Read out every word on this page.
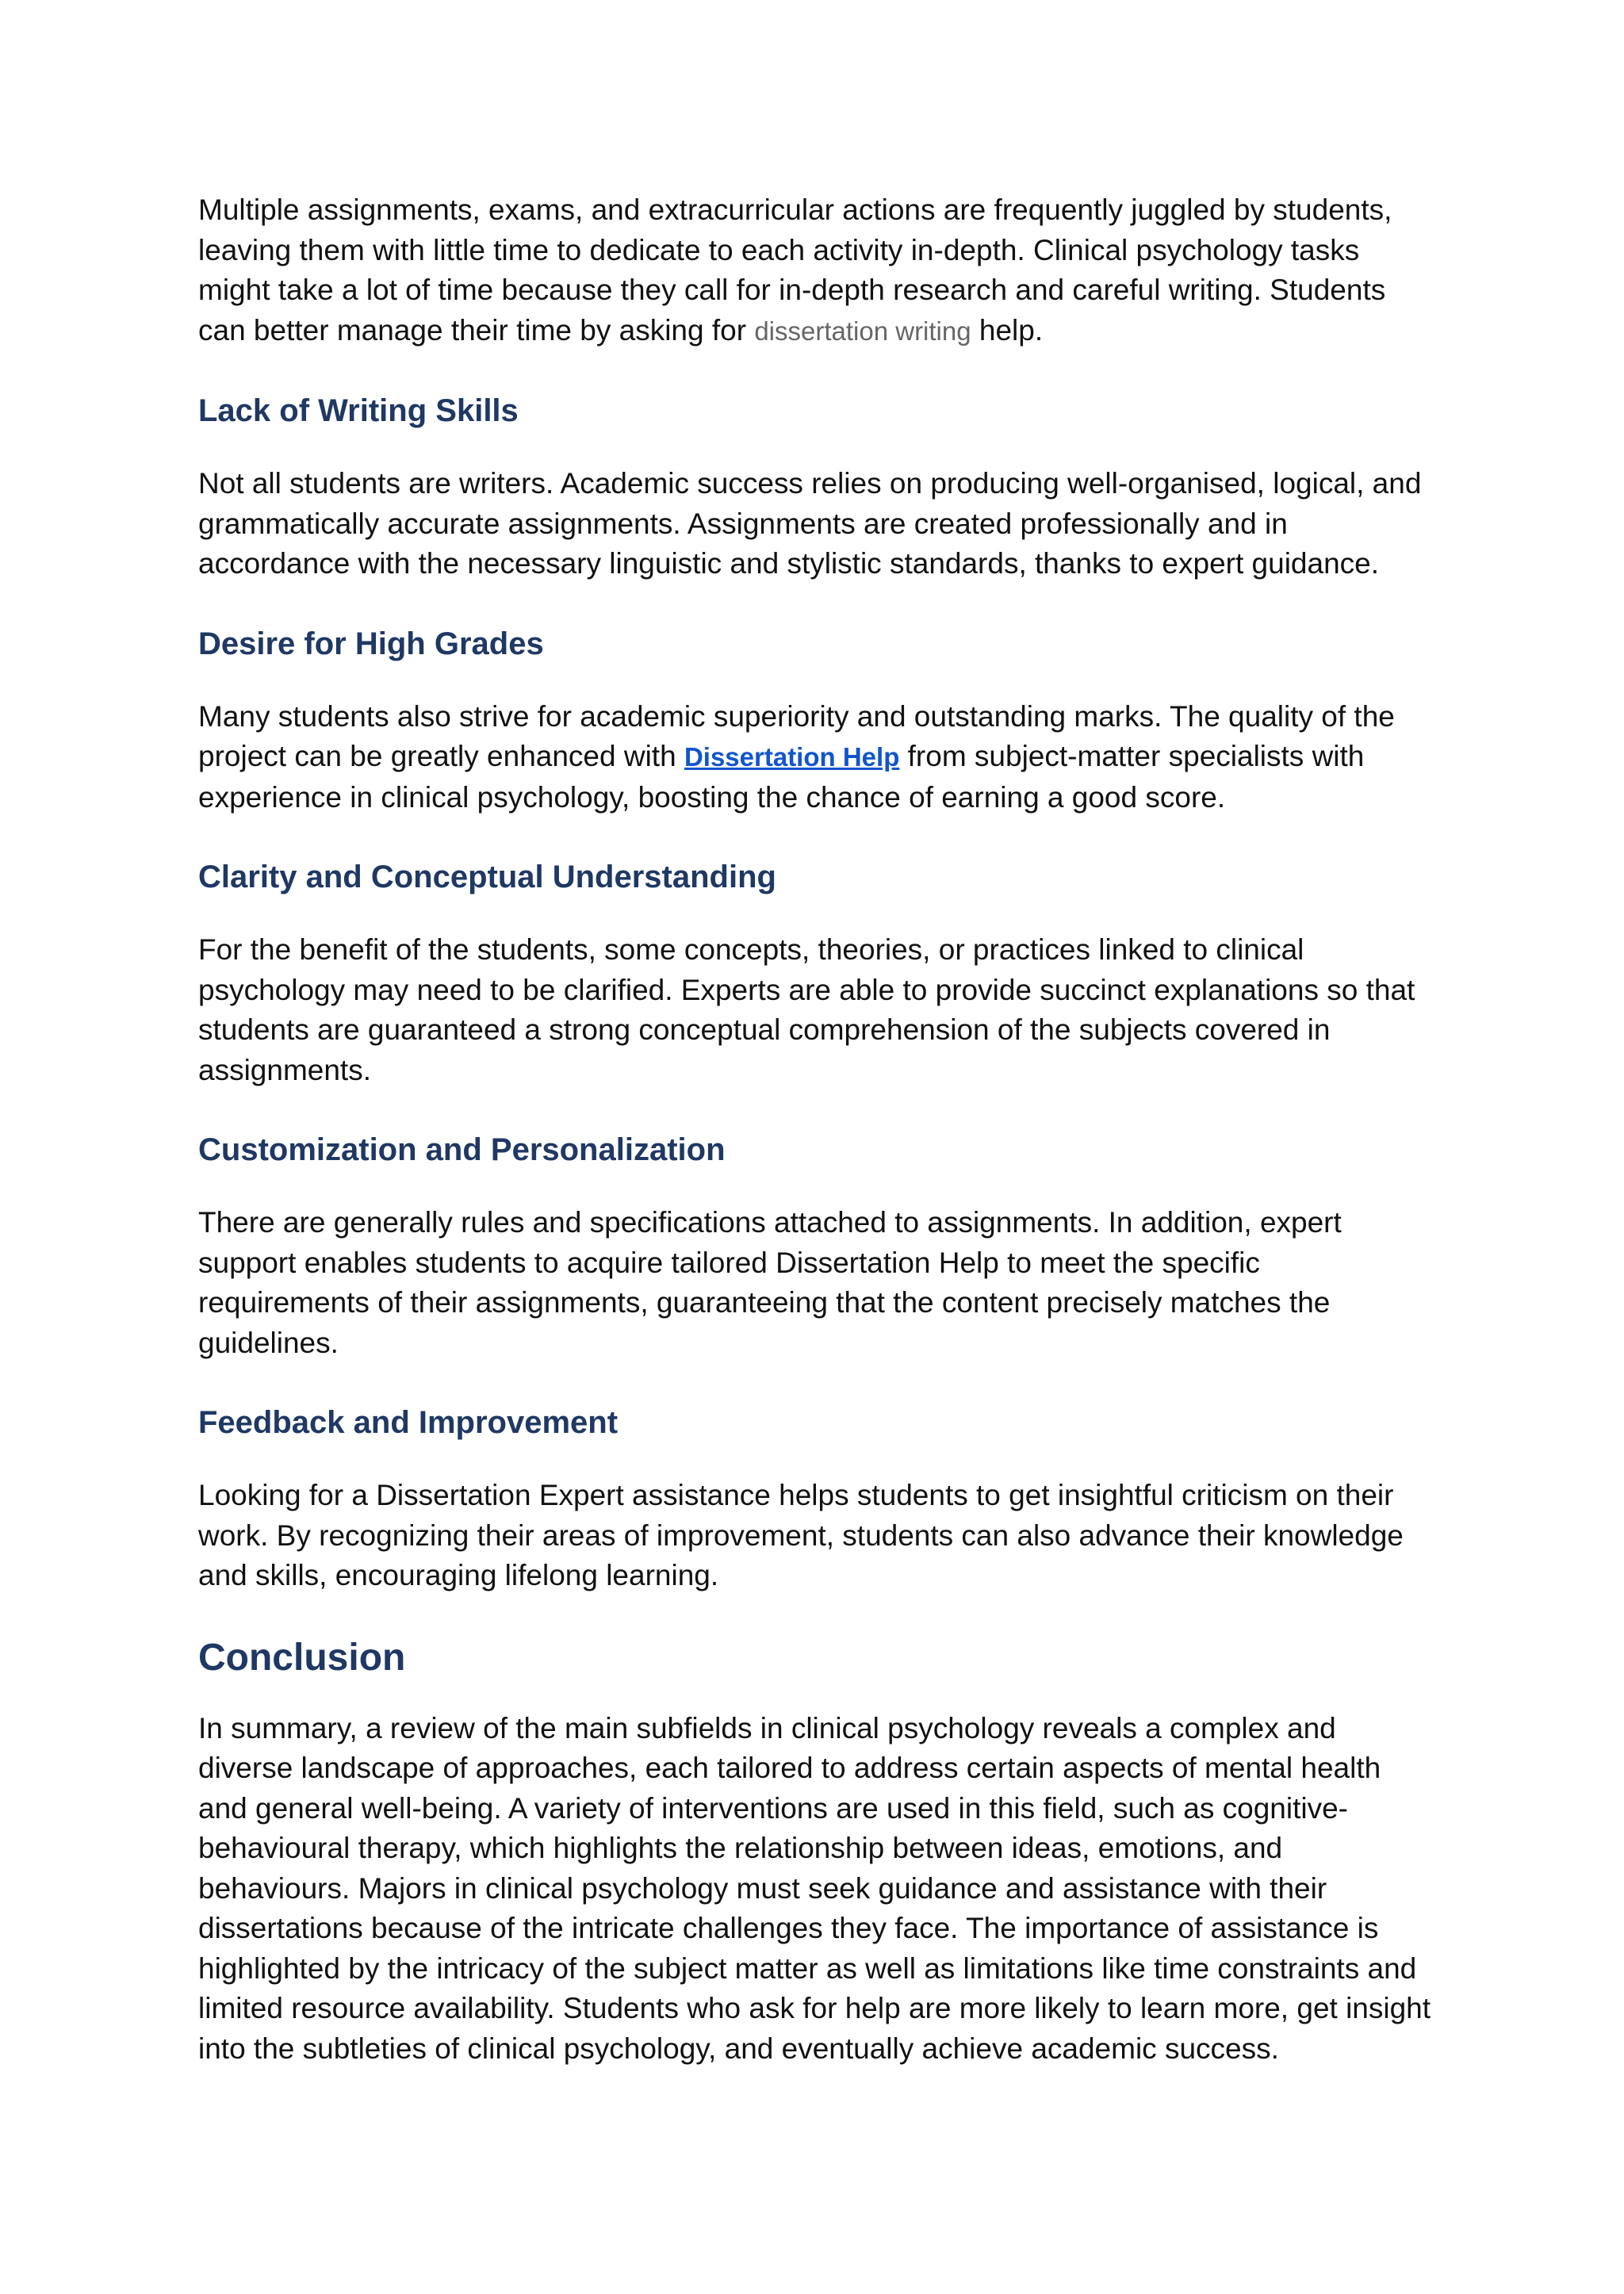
Multiple assignments, exams, and extracurricular actions are frequently juggled by students, leaving them with little time to dedicate to each activity in-depth. Clinical psychology tasks might take a lot of time because they call for in-depth research and careful writing. Students can better manage their time by asking for dissertation writing help.

Lack of Writing Skills

Not all students are writers. Academic success relies on producing well-organised, logical, and grammatically accurate assignments. Assignments are created professionally and in accordance with the necessary linguistic and stylistic standards, thanks to expert guidance.

Desire for High Grades

Many students also strive for academic superiority and outstanding marks. The quality of the project can be greatly enhanced with Dissertation Help from subject-matter specialists with experience in clinical psychology, boosting the chance of earning a good score.

Clarity and Conceptual Understanding

For the benefit of the students, some concepts, theories, or practices linked to clinical psychology may need to be clarified. Experts are able to provide succinct explanations so that students are guaranteed a strong conceptual comprehension of the subjects covered in assignments.

Customization and Personalization

There are generally rules and specifications attached to assignments. In addition, expert support enables students to acquire tailored Dissertation Help to meet the specific requirements of their assignments, guaranteeing that the content precisely matches the guidelines.

Feedback and Improvement

Looking for a Dissertation Expert assistance helps students to get insightful criticism on their work. By recognizing their areas of improvement, students can also advance their knowledge and skills, encouraging lifelong learning.

Conclusion

In summary, a review of the main subfields in clinical psychology reveals a complex and diverse landscape of approaches, each tailored to address certain aspects of mental health and general well-being. A variety of interventions are used in this field, such as cognitive-behavioural therapy, which highlights the relationship between ideas, emotions, and behaviours. Majors in clinical psychology must seek guidance and assistance with their dissertations because of the intricate challenges they face. The importance of assistance is highlighted by the intricacy of the subject matter as well as limitations like time constraints and limited resource availability. Students who ask for help are more likely to learn more, get insight into the subtleties of clinical psychology, and eventually achieve academic success.
